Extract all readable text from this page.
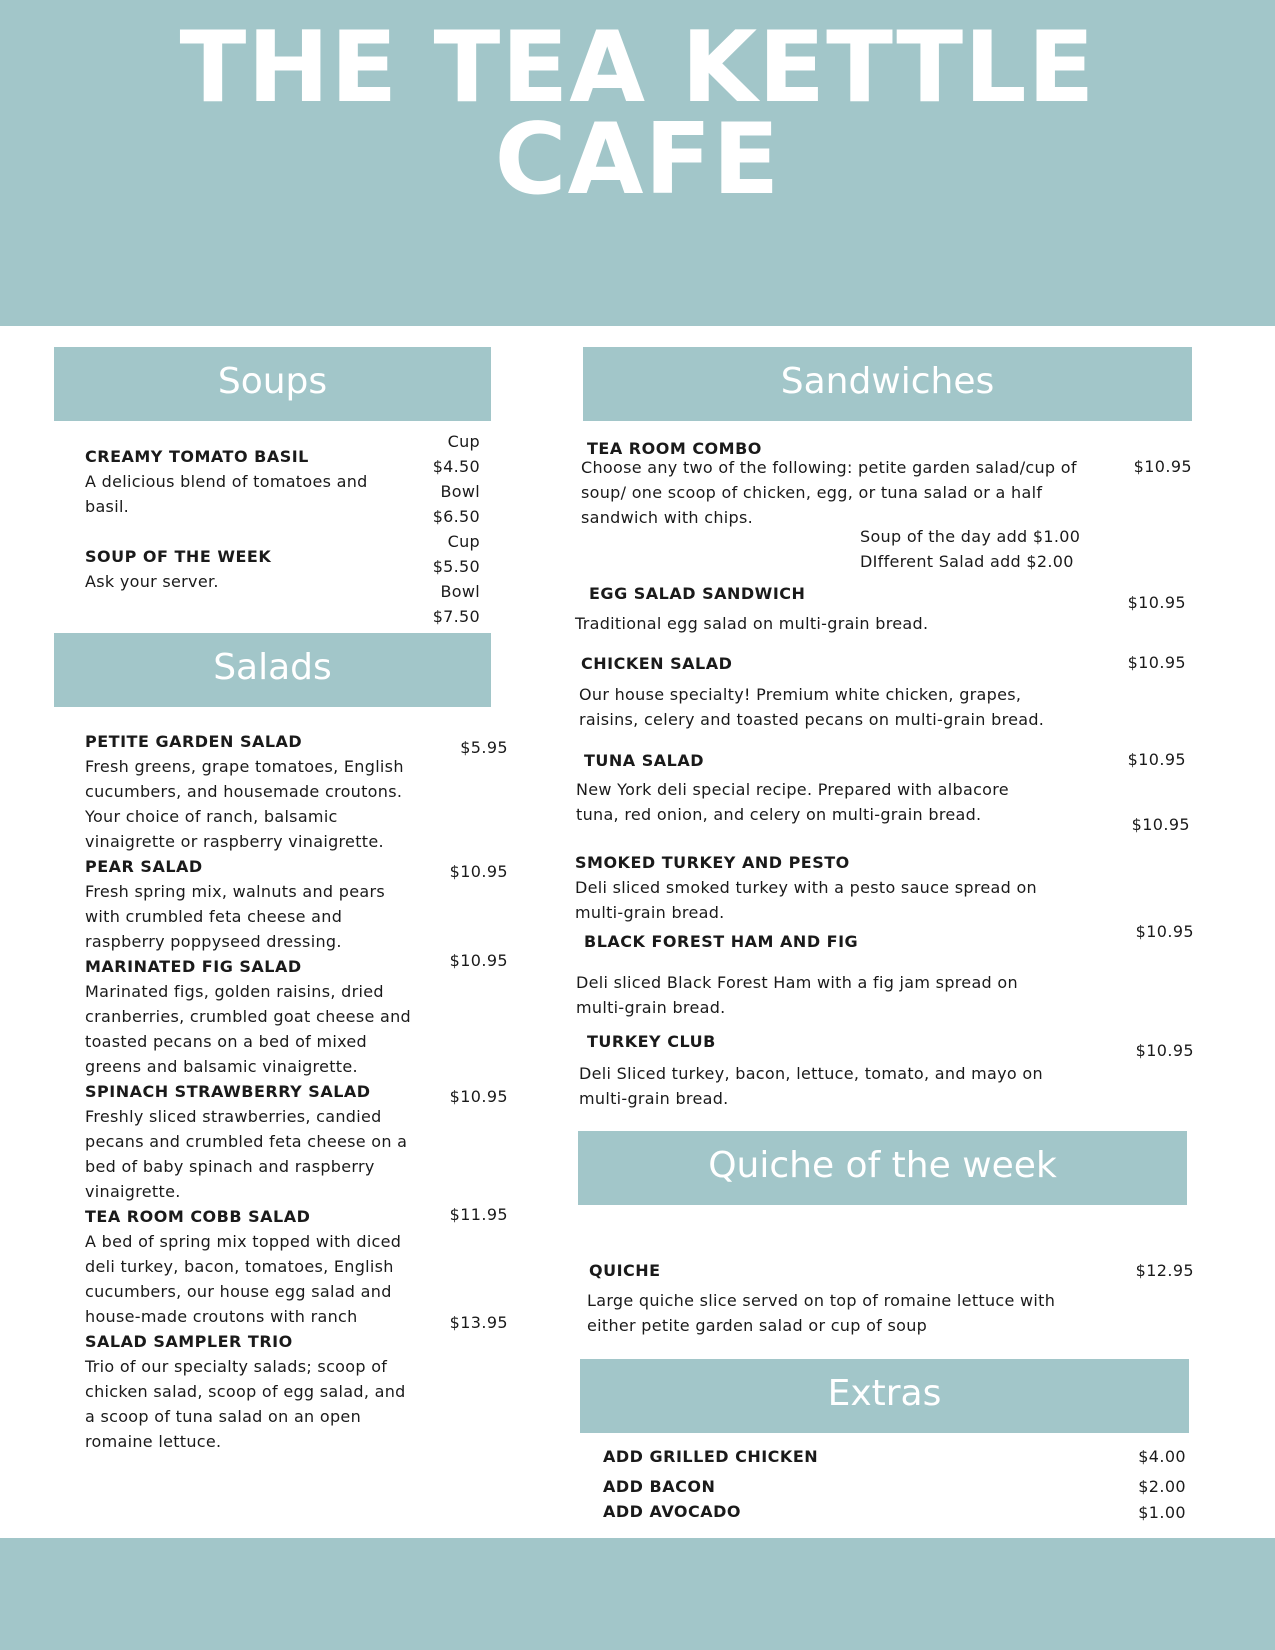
THE TEA KETTLE
CAFE
Soups
CREAMY TOMATO BASIL
A delicious blend of tomatoes and basil.
Cup
$4.50
Bowl
$6.50
SOUP OF THE WEEK
Ask your server.
Cup
$5.50
Bowl
$7.50
Salads
PETITE GARDEN SALAD
Fresh greens, grape tomatoes, English cucumbers, and housemade croutons. Your choice of ranch, balsamic vinaigrette or raspberry vinaigrette.
$5.95
PEAR SALAD
Fresh spring mix, walnuts and pears with crumbled feta cheese and raspberry poppyseed dressing.
$10.95
MARINATED FIG SALAD
Marinated figs, golden raisins, dried cranberries, crumbled goat cheese and toasted pecans on a bed of mixed greens and balsamic vinaigrette.
$10.95
SPINACH STRAWBERRY SALAD
Freshly sliced strawberries, candied pecans and crumbled feta cheese on a bed of baby spinach and raspberry vinaigrette.
$10.95
TEA ROOM COBB SALAD
A bed of spring mix topped with diced deli turkey, bacon, tomatoes, English cucumbers, our house egg salad and house-made croutons with ranch
$11.95
SALAD SAMPLER TRIO
Trio of our specialty salads; scoop of chicken salad, scoop of egg salad, and a scoop of tuna salad on an open romaine lettuce.
$13.95
Sandwiches
TEA ROOM COMBO
Choose any two of the following: petite garden salad/cup of soup/ one scoop of chicken, egg, or tuna salad or a half sandwich with chips.
$10.95
Soup of the day add $1.00
DIfferent Salad add $2.00
EGG SALAD SANDWICH
Traditional egg salad on multi-grain bread.
$10.95
CHICKEN SALAD
Our house specialty! Premium white chicken, grapes, raisins, celery and toasted pecans on multi-grain bread.
$10.95
TUNA SALAD
New York deli special recipe. Prepared with albacore tuna, red onion, and celery on multi-grain bread.
$10.95
SMOKED TURKEY AND PESTO
Deli sliced smoked turkey with a pesto sauce spread on multi-grain bread.
$10.95
BLACK FOREST HAM AND FIG
Deli sliced Black Forest Ham with a fig jam spread on multi-grain bread.
$10.95
TURKEY CLUB
Deli Sliced turkey, bacon, lettuce, tomato, and mayo on multi-grain bread.
$10.95
Quiche of the week
QUICHE
Large quiche slice served on top of romaine lettuce with either petite garden salad or cup of soup
$12.95
Extras
ADD GRILLED CHICKEN	$4.00
ADD BACON	$2.00
ADD AVOCADO	$1.00
